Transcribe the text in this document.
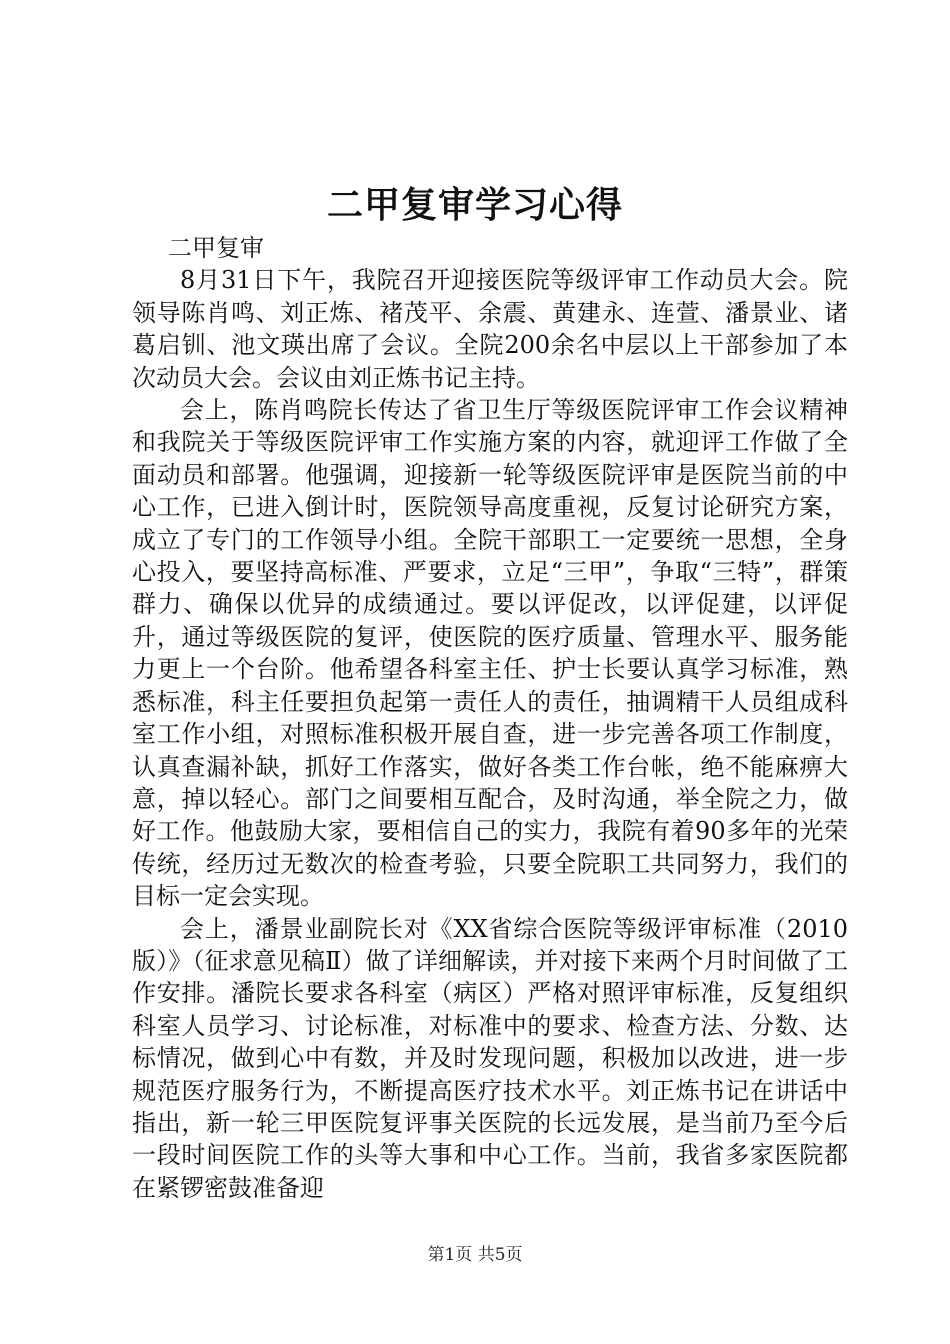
二甲复审学习心得

二甲复审

8月31日下午，我院召开迎接医院等级评审工作动员大会。院领导陈肖鸣、刘正炼、褚茂平、余震、黄建永、连萱、潘景业、诸葛启钏、池文瑛出席了会议。全院200余名中层以上干部参加了本次动员大会。会议由刘正炼书记主持。

会上，陈肖鸣院长传达了省卫生厅等级医院评审工作会议精神和我院关于等级医院评审工作实施方案的内容，就迎评工作做了全面动员和部署。他强调，迎接新一轮等级医院评审是医院当前的中心工作，已进入倒计时，医院领导高度重视，反复讨论研究方案，成立了专门的工作领导小组。全院干部职工一定要统一思想，全身心投入，要坚持高标准、严要求，立足“三甲”，争取“三特”，群策群力、确保以优异的成绩通过。要以评促改，以评促建，以评促升，通过等级医院的复评，使医院的医疗质量、管理水平、服务能力更上一个台阶。他希望各科室主任、护士长要认真学习标准，熟悉标准，科主任要担负起第一责任人的责任，抽调精干人员组成科室工作小组，对照标准积极开展自查，进一步完善各项工作制度，认真查漏补缺，抓好工作落实，做好各类工作台帐，绝不能麻痹大意，掉以轻心。部门之间要相互配合，及时沟通，举全院之力，做好工作。他鼓励大家，要相信自己的实力，我院有着90多年的光荣传统，经历过无数次的检查考验，只要全院职工共同努力，我们的目标一定会实现。

会上，潘景业副院长对《XX省综合医院等级评审标准（2010版）》（征求意见稿Ⅱ）做了详细解读，并对接下来两个月时间做了工作安排。潘院长要求各科室（病区）严格对照评审标准，反复组织科室人员学习、讨论标准，对标准中的要求、检查方法、分数、达标情况，做到心中有数，并及时发现问题，积极加以改进，进一步规范医疗服务行为，不断提高医疗技术水平。刘正炼书记在讲话中指出，新一轮三甲医院复评事关医院的长远发展，是当前乃至今后一段时间医院工作的头等大事和中心工作。当前，我省多家医院都在紧锣密鼓准备迎

第1页 共5页
